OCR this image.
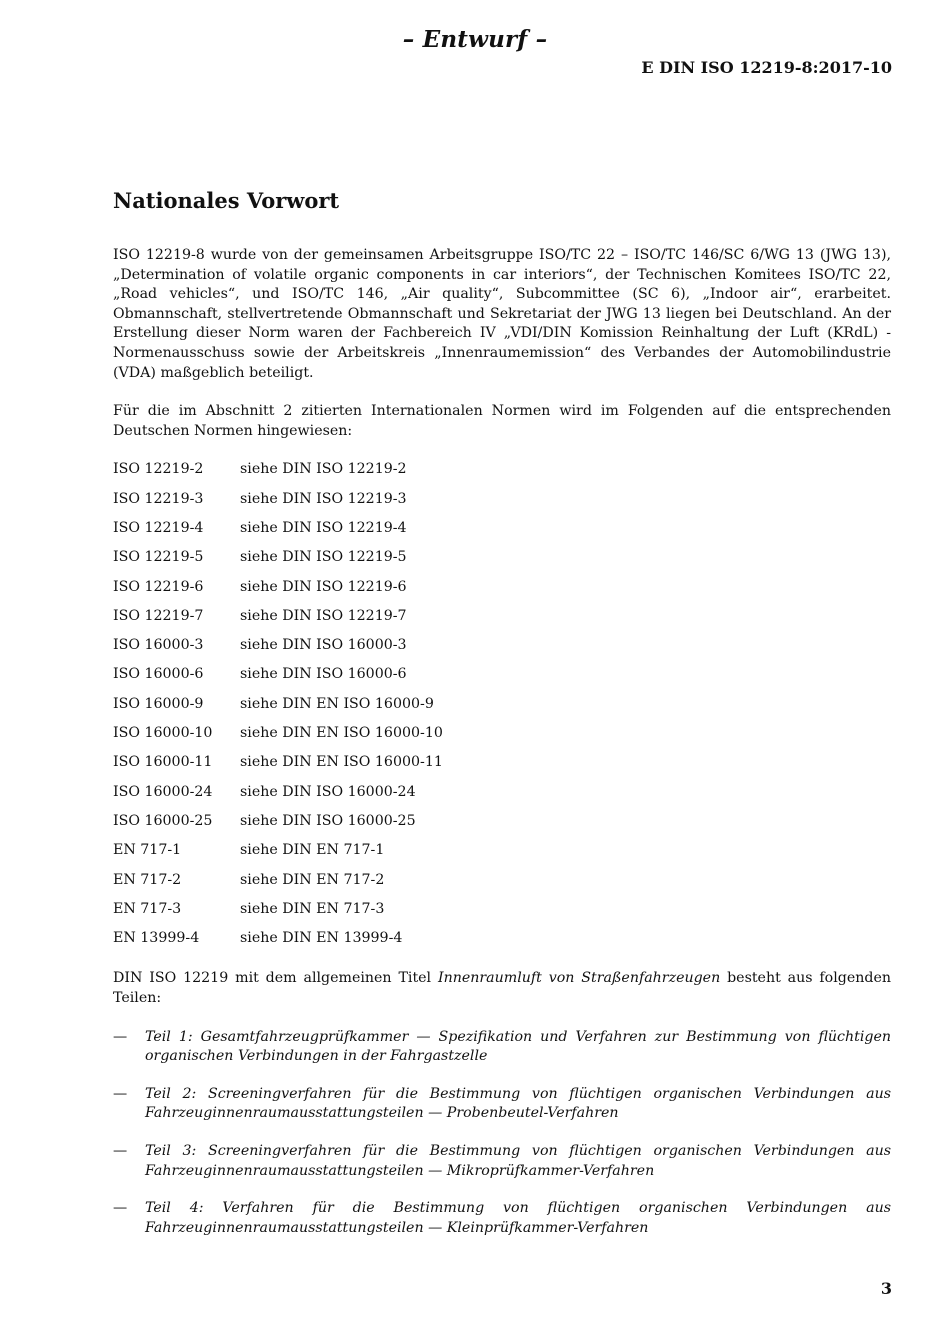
– Entwurf –
E DIN ISO 12219-8:2017-10
Nationales Vorwort

ISO 12219-8 wurde von der gemeinsamen Arbeitsgruppe ISO/TC 22 – ISO/TC 146/SC 6/WG 13 (JWG 13), „Determination of volatile organic components in car interiors“, der Technischen Komitees ISO/TC 22, „Road vehicles“, und ISO/TC 146, „Air quality“, Subcommittee (SC 6), „Indoor air“, erarbeitet. Obmannschaft, stellvertretende Obmannschaft und Sekretariat der JWG 13 liegen bei Deutschland. An der Erstellung dieser Norm waren der Fachbereich IV „VDI/DIN Komission Reinhaltung der Luft (KRdL) - Normenausschuss sowie der Arbeitskreis „Innenraumemission“ des Verbandes der Automobilindustrie (VDA) maßgeblich beteiligt.

Für die im Abschnitt 2 zitierten Internationalen Normen wird im Folgenden auf die entsprechenden Deutschen Normen hingewiesen:

ISO 12219-2	siehe DIN ISO 12219-2
ISO 12219-3	siehe DIN ISO 12219-3
ISO 12219-4	siehe DIN ISO 12219-4
ISO 12219-5	siehe DIN ISO 12219-5
ISO 12219-6	siehe DIN ISO 12219-6
ISO 12219-7	siehe DIN ISO 12219-7
ISO 16000-3	siehe DIN ISO 16000-3
ISO 16000-6	siehe DIN ISO 16000-6
ISO 16000-9	siehe DIN EN ISO 16000-9
ISO 16000-10	siehe DIN EN ISO 16000-10
ISO 16000-11	siehe DIN EN ISO 16000-11
ISO 16000-24	siehe DIN ISO 16000-24
ISO 16000-25	siehe DIN ISO 16000-25
EN 717-1	siehe DIN EN 717-1
EN 717-2	siehe DIN EN 717-2
EN 717-3	siehe DIN EN 717-3
EN 13999-4	siehe DIN EN 13999-4

DIN ISO 12219 mit dem allgemeinen Titel Innenraumluft von Straßenfahrzeugen besteht aus folgenden Teilen:

—	Teil 1: Gesamtfahrzeugprüfkammer — Spezifikation und Verfahren zur Bestimmung von flüchtigen organischen Verbindungen in der Fahrgastzelle
—	Teil 2: Screeningverfahren für die Bestimmung von flüchtigen organischen Verbindungen aus Fahrzeuginnenraumausstattungsteilen — Probenbeutel-Verfahren
—	Teil 3: Screeningverfahren für die Bestimmung von flüchtigen organischen Verbindungen aus Fahrzeuginnenraumausstattungsteilen — Mikroprüfkammer-Verfahren
—	Teil 4: Verfahren für die Bestimmung von flüchtigen organischen Verbindungen aus Fahrzeuginnenraumausstattungsteilen — Kleinprüfkammer-Verfahren
3
